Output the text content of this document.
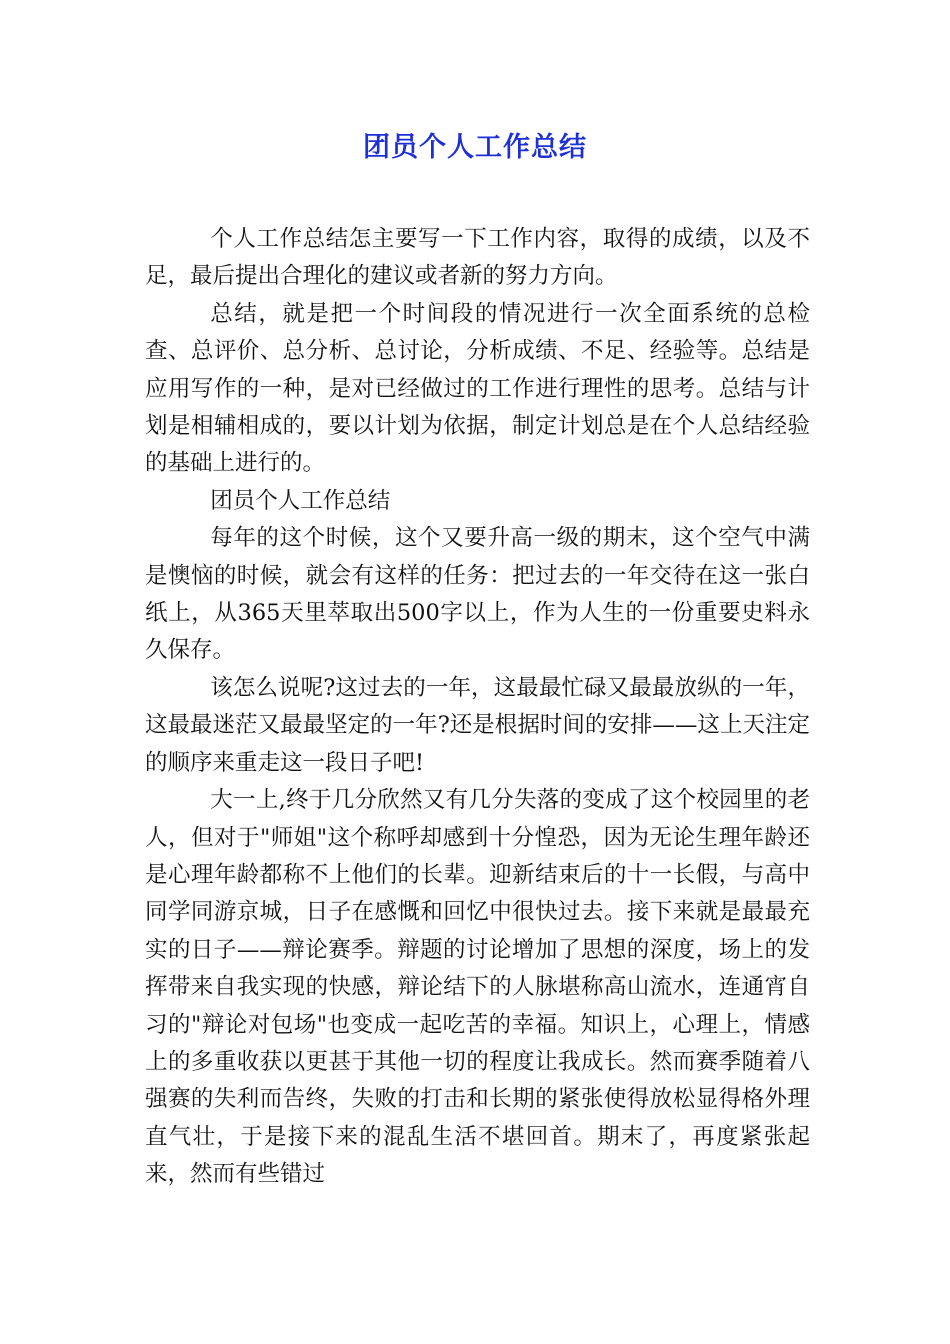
团员个人工作总结

个人工作总结怎主要写一下工作内容，取得的成绩，以及不足，最后提出合理化的建议或者新的努力方向。

总结，就是把一个时间段的情况进行一次全面系统的总检查、总评价、总分析、总讨论，分析成绩、不足、经验等。总结是应用写作的一种，是对已经做过的工作进行理性的思考。总结与计划是相辅相成的，要以计划为依据，制定计划总是在个人总结经验的基础上进行的。

团员个人工作总结

每年的这个时候，这个又要升高一级的期末，这个空气中满是懊恼的时候，就会有这样的任务：把过去的一年交待在这一张白纸上，从365天里萃取出500字以上，作为人生的一份重要史料永久保存。

该怎么说呢?这过去的一年，这最最忙碌又最最放纵的一年，这最最迷茫又最最坚定的一年?还是根据时间的安排——这上天注定的顺序来重走这一段日子吧!

大一上,终于几分欣然又有几分失落的变成了这个校园里的老人，但对于"师姐"这个称呼却感到十分惶恐，因为无论生理年龄还是心理年龄都称不上他们的长辈。迎新结束后的十一长假，与高中同学同游京城，日子在感慨和回忆中很快过去。接下来就是最最充实的日子——辩论赛季。辩题的讨论增加了思想的深度，场上的发挥带来自我实现的快感，辩论结下的人脉堪称高山流水，连通宵自习的"辩论对包场"也变成一起吃苦的幸福。知识上，心理上，情感上的多重收获以更甚于其他一切的程度让我成长。然而赛季随着八强赛的失利而告终，失败的打击和长期的紧张使得放松显得格外理直气壮，于是接下来的混乱生活不堪回首。期末了，再度紧张起来，然而有些错过
